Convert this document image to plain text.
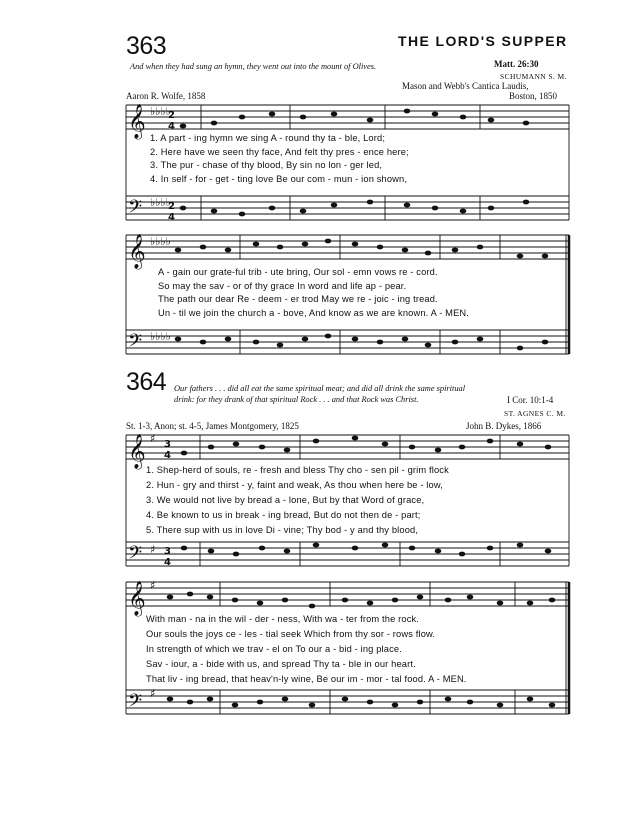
363	THE LORD'S SUPPER
And when they had sung an hymn, they went out into the mount of Olives.	Matt. 26:30
SCHUMANN S. M.
Mason and Webb's Cantica Laudis,
Aaron R. Wolfe, 1858	Boston, 1850
𝄞
𝄢
𝄞
𝄢
𝄞
𝄢
𝄞
𝄢
♭♭♭♭
♭♭♭♭
♭♭♭♭
♭♭♭♭
♯
♯
♯
♯
2
4
2
4
3
4
3
4
1. A part - ing hymn we sing A - round thy ta - ble, Lord;
2. Here have we seen thy face, And felt thy pres - ence here;
3. The pur - chase of thy blood, By sin no lon - ger led,
4. In self - for - get - ting love Be our com - mun - ion shown,
A - gain our grate-ful trib - ute bring, Our sol - emn vows re - cord.
So may the sav - or of thy grace In word and life ap - pear.
The path our dear Re - deem - er trod May we re - joic - ing tread.
Un - til we join the church a - bove, And know as we are known. A - MEN.
364 Our fathers . . . did all eat the same spiritual meat; and did all drink the same spiritual
drink: for they drank of that spiritual Rock . . . and that Rock was Christ.	I Cor. 10:1-4
ST. AGNES C. M.
St. 1-3, Anon; st. 4-5, James Montgomery, 1825	John B. Dykes, 1866
1. Shep-herd of souls, re - fresh and bless Thy cho - sen pil - grim flock
2. Hun - gry and thirst - y, faint and weak, As thou when here be - low,
3. We would not live by bread a - lone, But by that Word of grace,
4. Be known to us in break - ing bread, But do not then de - part;
5. There sup with us in love Di - vine; Thy bod - y and thy blood,
With man - na in the wil - der - ness, With wa - ter from the rock.
Our souls the joys ce - les - tial seek Which from thy sor - rows flow.
In strength of which we trav - el on To our a - bid - ing place.
Sav - iour, a - bide with us, and spread Thy ta - ble in our heart.
That liv - ing bread, that heav'n-ly wine, Be our im - mor - tal food. A - MEN.
